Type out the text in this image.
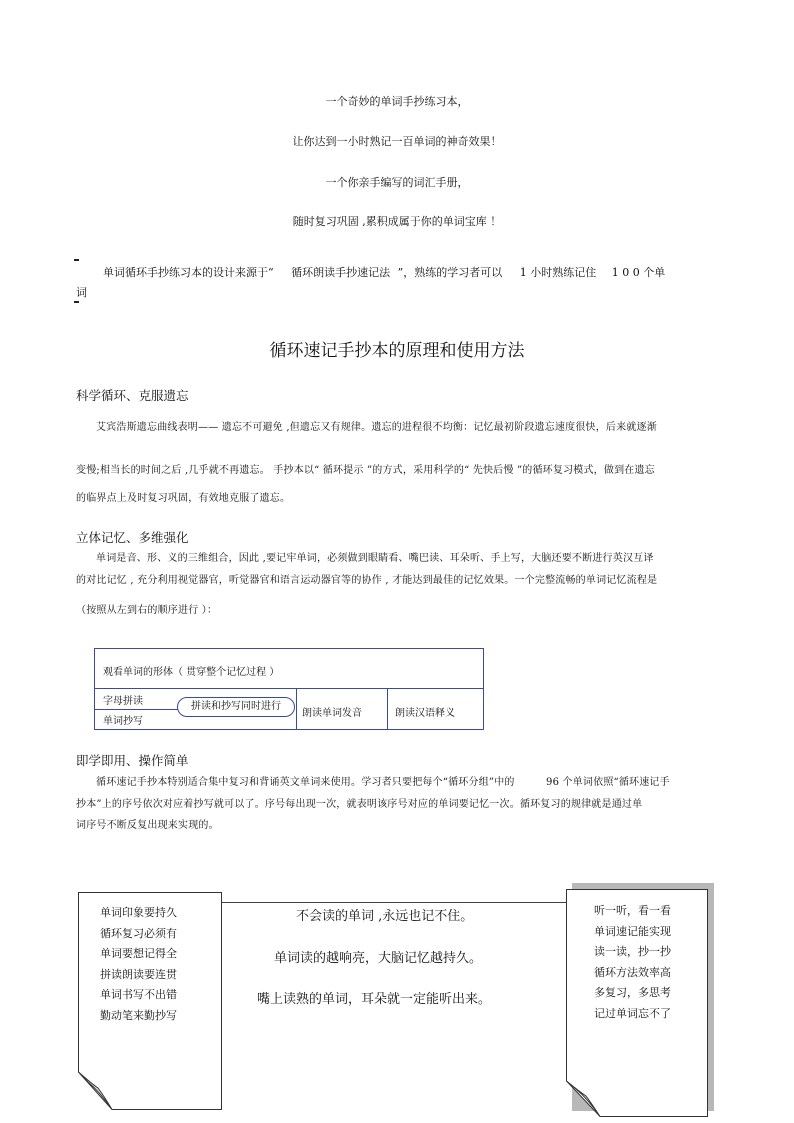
一个奇妙的单词手抄练习本，
让你达到一小时熟记一百单词的神奇效果！
一个你亲手编写的词汇手册，
随时复习巩固 ,累积成属于你的单词宝库 ！
单词循环手抄练习本的设计来源于“ 循环朗读手抄速记法 ”，熟练的学习者可以 1 小时熟练记住 1 0 0 个单
词
循环速记手抄本的原理和使用方法
科学循环、克服遗忘
艾宾浩斯遗忘曲线表明—— 遗忘不可避免 ,但遗忘又有规律。遗忘的进程很不均衡：记忆最初阶段遗忘速度很快，后来就逐渐
变慢;相当长的时间之后 ,几乎就不再遗忘。 手抄本以“ 循环提示 ”的方式，采用科学的“ 先快后慢 ”的循环复习模式，做到在遗忘
的临界点上及时复习巩固，有效地克服了遗忘。
立体记忆、多维强化
单词是音、形、义的三维组合，因此 ,要记牢单词，必须做到眼睛看、嘴巴读、耳朵听、手上写，大脑还要不断进行英汉互译
的对比记忆 , 充分利用视觉器官，听觉器官和语言运动器官等的协作 , 才能达到最佳的记忆效果。一个完整流畅的单词记忆流程是
（按照从左到右的顺序进行 ）：
观看单词的形体（ 贯穿整个记忆过程 ）
字母拼读
单词抄写
拼读和抄写同时进行
朗读单词发音	朗读汉语释义
即学即用、操作简单
循环速记手抄本特别适合集中复习和背诵英文单词来使用。学习者只要把每个“循环分组”中的	96 个单词依照“循环速记手
抄本”上的序号依次对应着抄写就可以了。序号每出现一次，就表明该序号对应的单词要记忆一次。循环复习的规律就是通过单
词序号不断反复出现来实现的。
单词印象要持久
循环复习必须有
单词要想记得全
拼读朗读要连贯
单词书写不出错
勤动笔来勤抄写
不会读的单词 ,永远也记不住。
单词读的越响亮，大脑记忆越持久。
嘴上读熟的单词，耳朵就一定能听出来。
听一听，看一看
单词速记能实现
读一读，抄一抄
循环方法效率高
多复习，多思考
记过单词忘不了
